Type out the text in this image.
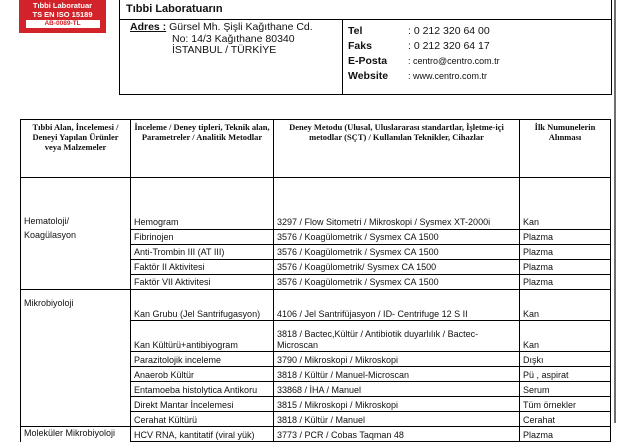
Tıbbi Laboratuar
TS EN ISO 15189
AB-0089-TL
Tıbbi Laboratuarın
Adres : Gürsel Mh. Şişli Kağıthane Cd.
No: 14/3 Kağıthane 80340
İSTANBUL / TÜRKİYE
Tel	: 0 212 320 64 00
Faks	: 0 212 320 64 17
E-Posta : centro@centro.com.tr
Website : www.centro.com.tr
Tıbbi Alan, İncelemesi / Deneyi Yapılan Ürünler veya Malzemeler	İnceleme / Deney tipleri, Teknik alan, Parametreler / Analitik Metodlar	Deney Metodu (Ulusal, Uluslararası standartlar, İşletme-içi metodlar (SÇT) / Kullanılan Teknikler, Cihazlar	İlk Numunelerin Alınması
Hematoloji/	Hemogram	3297 / Flow Sitometri / Mikroskopi / Sysmex XT-2000i	Kan
Koagülasyon	Fibrinojen	3576 / Koagülometrik / Sysmex CA 1500	Plazma
	Anti-Trombin III (AT III)	3576 / Koagülometrik / Sysmex CA 1500	Plazma
	Faktör II Aktivitesi	3576 / Koagülometrik/ Sysmex CA 1500	Plazma
	Faktör VII Aktivitesi	3576 / Koagülometrik / Sysmex CA 1500	Plazma
Mikrobiyoloji	Kan Grubu (Jel Santrifugasyon)	4106 / Jel Santrifüjasyon / ID- Centrifuge 12 S II	Kan
	Kan Kültürü+antibiyogram	3818 / Bactec,Kültür / Antibiotik duyarlılık / Bactec-Microscan	Kan
	Parazitolojik inceleme	3790 / Mikroskopi / Mikroskopi	Dışkı
	Anaerob Kültür	3818 / Kültür / Manuel-Microscan	Pü , aspirat
	Entamoeba histolytica Antikoru	33868 / İHA / Manuel	Serum
	Direkt Mantar İncelemesi	3815 / Mikroskopi / Mikroskopi	Tüm örnekler
	Cerahat Kültürü	3818 / Kültür / Manuel	Cerahat
Moleküler Mikrobiyoloji	HCV RNA, kantitatif (viral yük)	3773 / PCR / Cobas Taqman 48	Plazma
